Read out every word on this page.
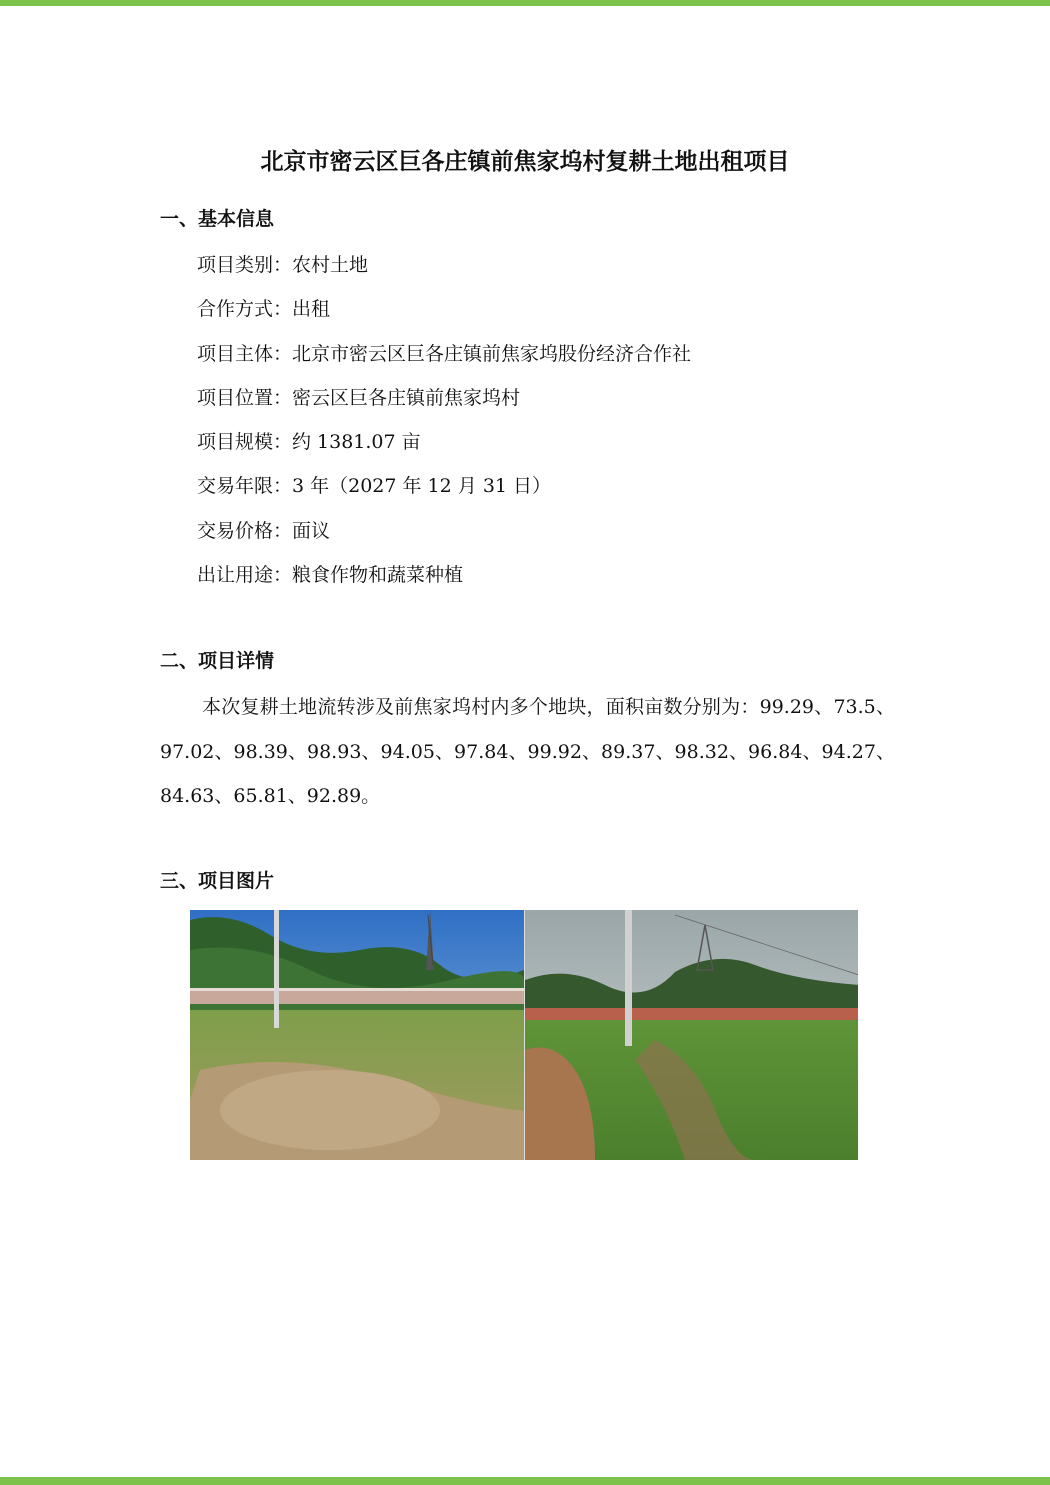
北京市密云区巨各庄镇前焦家坞村复耕土地出租项目
一、基本信息
项目类别：农村土地
合作方式：出租
项目主体：北京市密云区巨各庄镇前焦家坞股份经济合作社
项目位置：密云区巨各庄镇前焦家坞村
项目规模：约 1381.07 亩
交易年限：3 年（2027 年 12 月 31 日）
交易价格：面议
出让用途：粮食作物和蔬菜种植
二、项目详情

本次复耕土地流转涉及前焦家坞村内多个地块，面积亩数分别为：99.29、73.5、97.02、98.39、98.93、94.05、97.84、99.92、89.37、98.32、96.84、94.27、84.63、65.81、92.89。

三、项目图片
